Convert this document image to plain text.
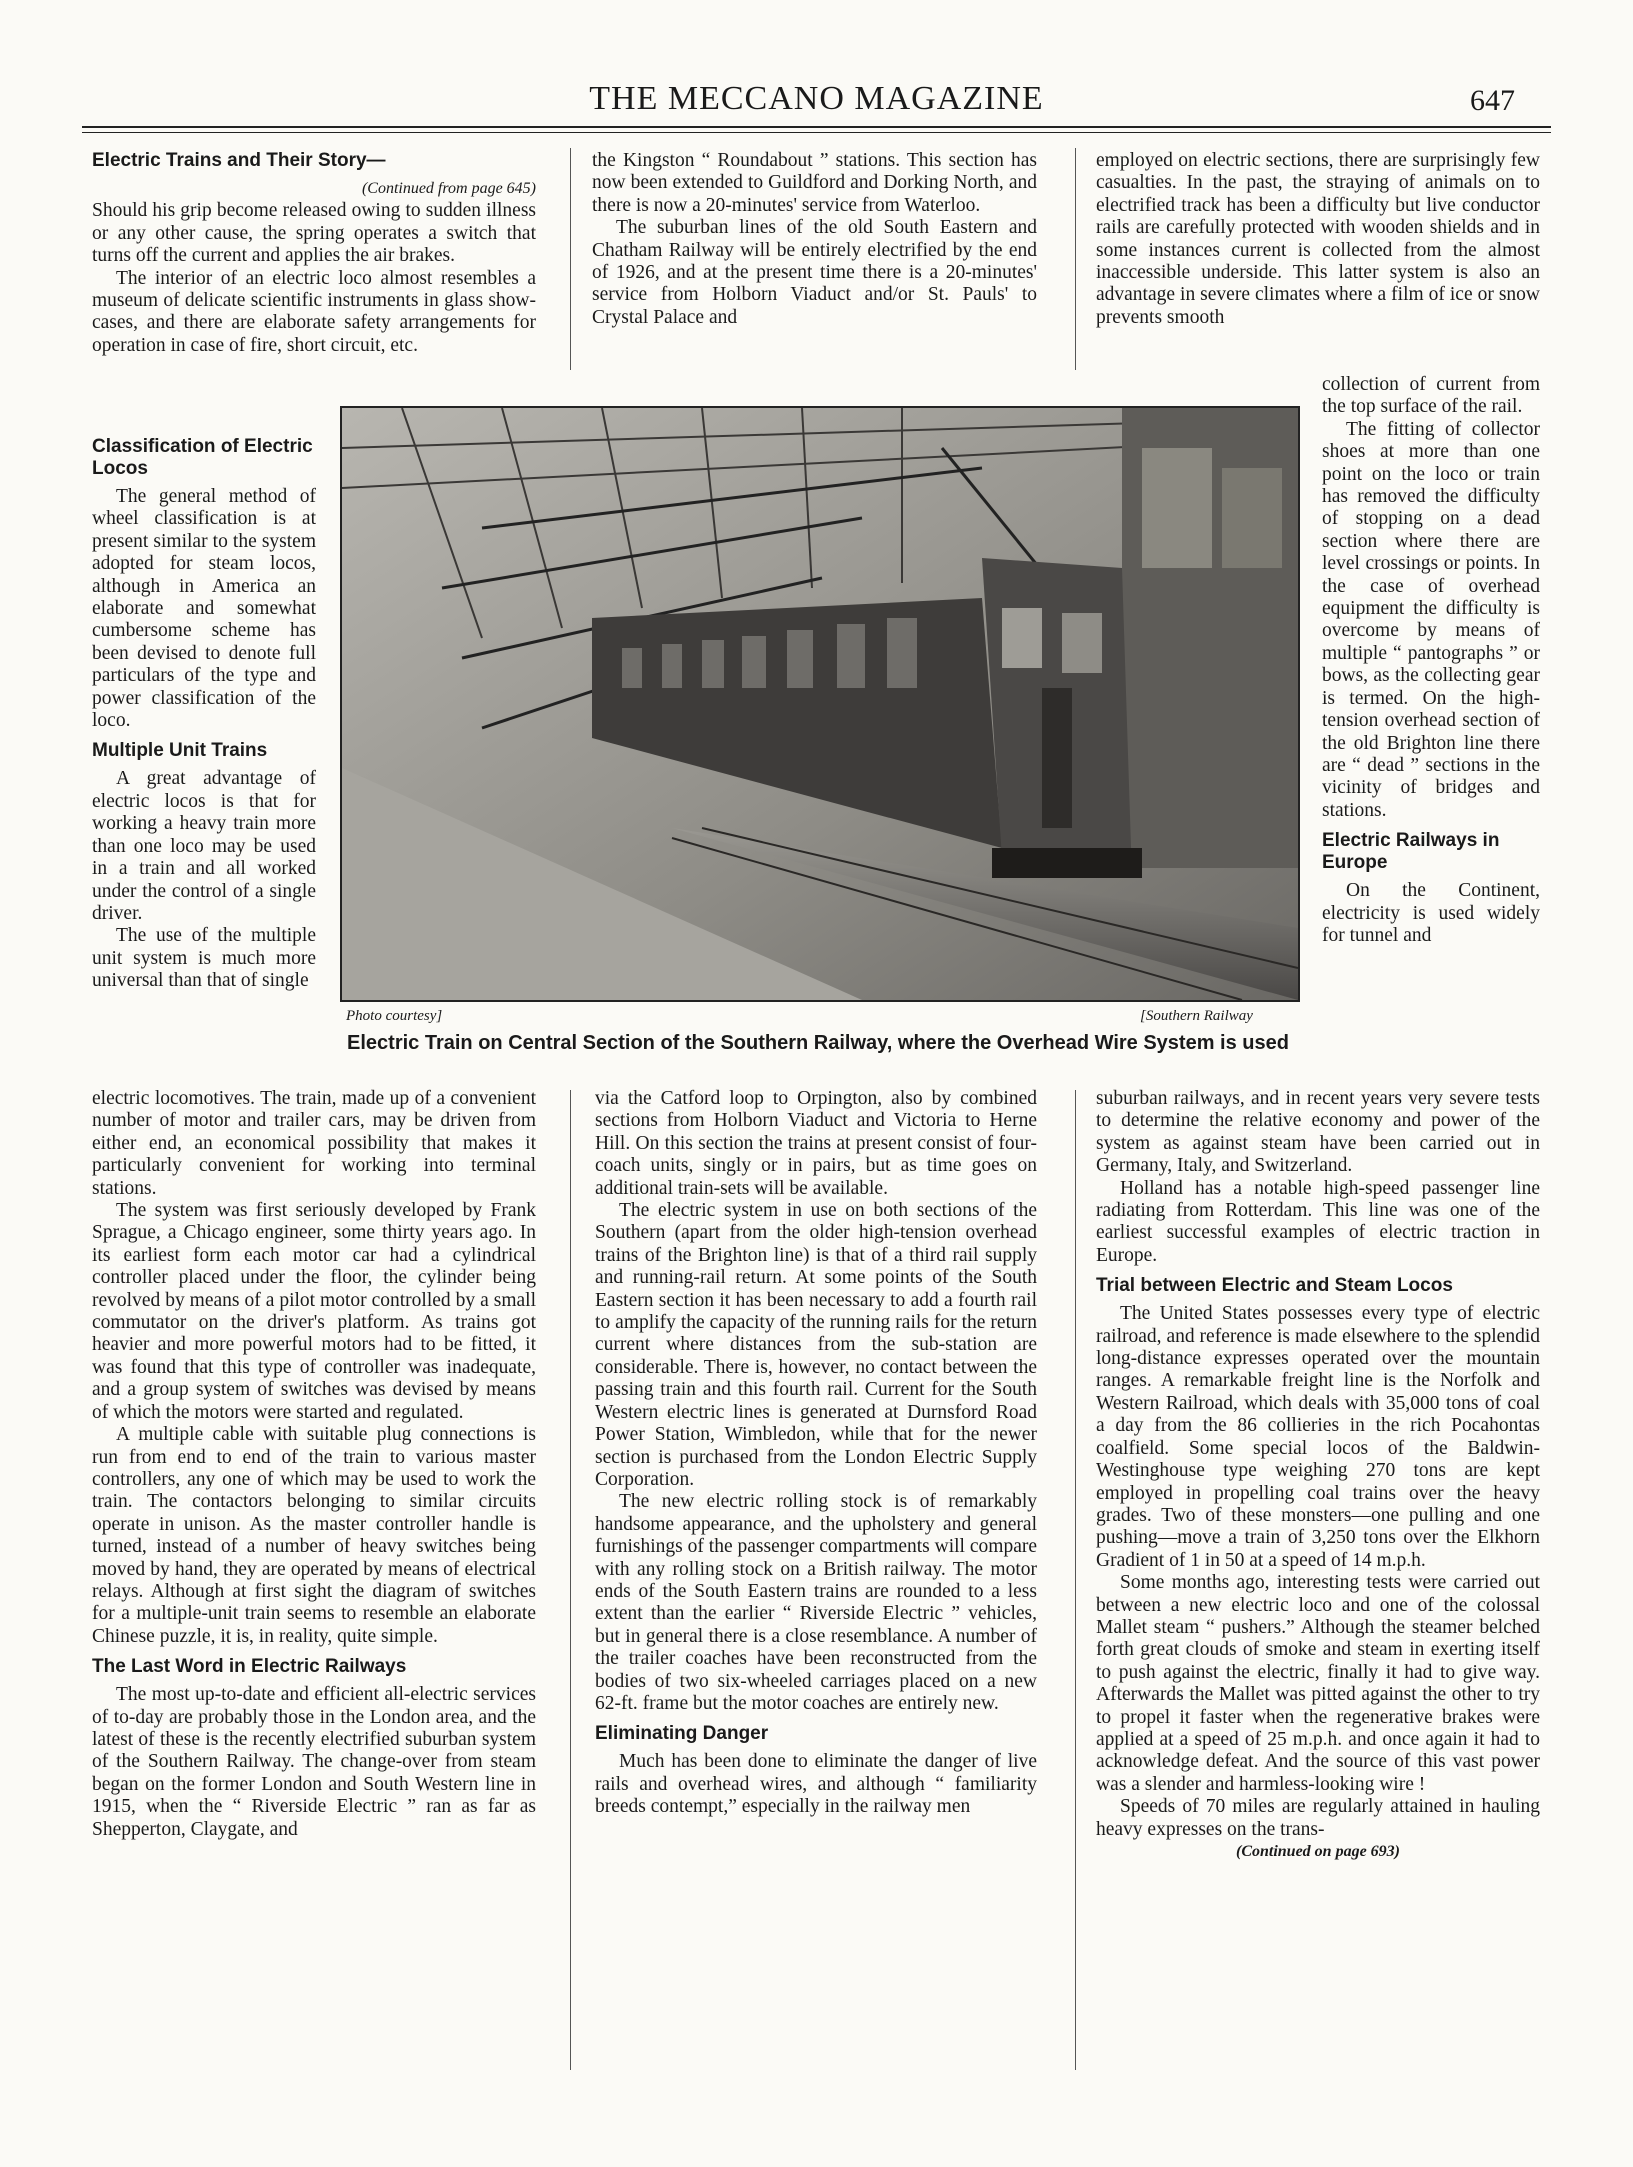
THE MECCANO MAGAZINE	647
Electric Trains and Their Story—
(Continued from page 645)

Should his grip become released owing to sudden illness or any other cause, the spring operates a switch that turns off the current and applies the air brakes.

The interior of an electric loco almost resembles a museum of delicate scientific instruments in glass show-cases, and there are elaborate safety arrangements for operation in case of fire, short circuit, etc.

Classification of Electric Locos

The general method of wheel classification is at present similar to the system adopted for steam locos, although in America an elaborate and somewhat cumbersome scheme has been devised to denote full particulars of the type and power classification of the loco.

Multiple Unit Trains

A great advantage of electric locos is that for working a heavy train more than one loco may be used in a train and all worked under the control of a single driver.

The use of the multiple unit system is much more universal than that of single

electric locomotives. The train, made up of a convenient number of motor and trailer cars, may be driven from either end, an economical possibility that makes it particularly convenient for working into terminal stations.

The system was first seriously developed by Frank Sprague, a Chicago engineer, some thirty years ago. In its earliest form each motor car had a cylindrical controller placed under the floor, the cylinder being revolved by means of a pilot motor controlled by a small commutator on the driver's platform. As trains got heavier and more powerful motors had to be fitted, it was found that this type of controller was inadequate, and a group system of switches was devised by means of which the motors were started and regulated.

A multiple cable with suitable plug connections is run from end to end of the train to various master controllers, any one of which may be used to work the train. The contactors belonging to similar circuits operate in unison. As the master controller handle is turned, instead of a number of heavy switches being moved by hand, they are operated by means of electrical relays. Although at first sight the diagram of switches for a multiple-unit train seems to resemble an elaborate Chinese puzzle, it is, in reality, quite simple.

The Last Word in Electric Railways

The most up-to-date and efficient all-electric services of to-day are probably those in the London area, and the latest of these is the recently electrified suburban system of the Southern Railway. The change-over from steam began on the former London and South Western line in 1915, when the “ Riverside Electric ” ran as far as Shepperton, Claygate, and

the Kingston “ Roundabout ” stations. This section has now been extended to Guildford and Dorking North, and there is now a 20-minutes' service from Waterloo.

The suburban lines of the old South Eastern and Chatham Railway will be entirely electrified by the end of 1926, and at the present time there is a 20-minutes' service from Holborn Viaduct and/or St. Pauls' to Crystal Palace and

via the Catford loop to Orpington, also by combined sections from Holborn Viaduct and Victoria to Herne Hill. On this section the trains at present consist of four-coach units, singly or in pairs, but as time goes on additional train-sets will be available.

The electric system in use on both sections of the Southern (apart from the older high-tension overhead trains of the Brighton line) is that of a third rail supply and running-rail return. At some points of the South Eastern section it has been necessary to add a fourth rail to amplify the capacity of the running rails for the return current where distances from the sub-station are considerable. There is, however, no contact between the passing train and this fourth rail. Current for the South Western electric lines is generated at Durnsford Road Power Station, Wimbledon, while that for the newer section is purchased from the London Electric Supply Corporation.

The new electric rolling stock is of remarkably handsome appearance, and the upholstery and general furnishings of the passenger compartments will compare with any rolling stock on a British railway. The motor ends of the South Eastern trains are rounded to a less extent than the earlier “ Riverside Electric ” vehicles, but in general there is a close resemblance. A number of the trailer coaches have been reconstructed from the bodies of two six-wheeled carriages placed on a new 62-ft. frame but the motor coaches are entirely new.

Eliminating Danger

Much has been done to eliminate the danger of live rails and overhead wires, and although “ familiarity breeds contempt,” especially in the railway men

employed on electric sections, there are surprisingly few casualties. In the past, the straying of animals on to electrified track has been a difficulty but live conductor rails are carefully protected with wooden shields and in some instances current is collected from the almost inaccessible underside. This latter system is also an advantage in severe climates where a film of ice or snow prevents smooth

collection of current from the top surface of the rail.

The fitting of collector shoes at more than one point on the loco or train has removed the difficulty of stopping on a dead section where there are level crossings or points. In the case of overhead equipment the difficulty is overcome by means of multiple “ pantographs ” or bows, as the collecting gear is termed. On the high-tension overhead section of the old Brighton line there are “ dead ” sections in the vicinity of bridges and stations.

Electric Railways in Europe

On the Continent, electricity is used widely for tunnel and

suburban railways, and in recent years very severe tests to determine the relative economy and power of the system as against steam have been carried out in Germany, Italy, and Switzerland.

Holland has a notable high-speed passenger line radiating from Rotterdam. This line was one of the earliest successful examples of electric traction in Europe.

Trial between Electric and Steam Locos

The United States possesses every type of electric railroad, and reference is made elsewhere to the splendid long-distance expresses operated over the mountain ranges. A remarkable freight line is the Norfolk and Western Railroad, which deals with 35,000 tons of coal a day from the 86 collieries in the rich Pocahontas coalfield. Some special locos of the Baldwin-Westinghouse type weighing 270 tons are kept employed in propelling coal trains over the heavy grades. Two of these monsters—one pulling and one pushing—move a train of 3,250 tons over the Elkhorn Gradient of 1 in 50 at a speed of 14 m.p.h.

Some months ago, interesting tests were carried out between a new electric loco and one of the colossal Mallet steam “ pushers.” Although the steamer belched forth great clouds of smoke and steam in exerting itself to push against the electric, finally it had to give way. Afterwards the Mallet was pitted against the other to try to propel it faster when the regenerative brakes were applied at a speed of 25 m.p.h. and once again it had to acknowledge defeat. And the source of this vast power was a slender and harmless-looking wire !

Speeds of 70 miles are regularly attained in hauling heavy expresses on the trans-

(Continued on page 693)
Photo courtesy]	[Southern Railway
Electric Train on Central Section of the Southern Railway, where the Overhead Wire System is used
